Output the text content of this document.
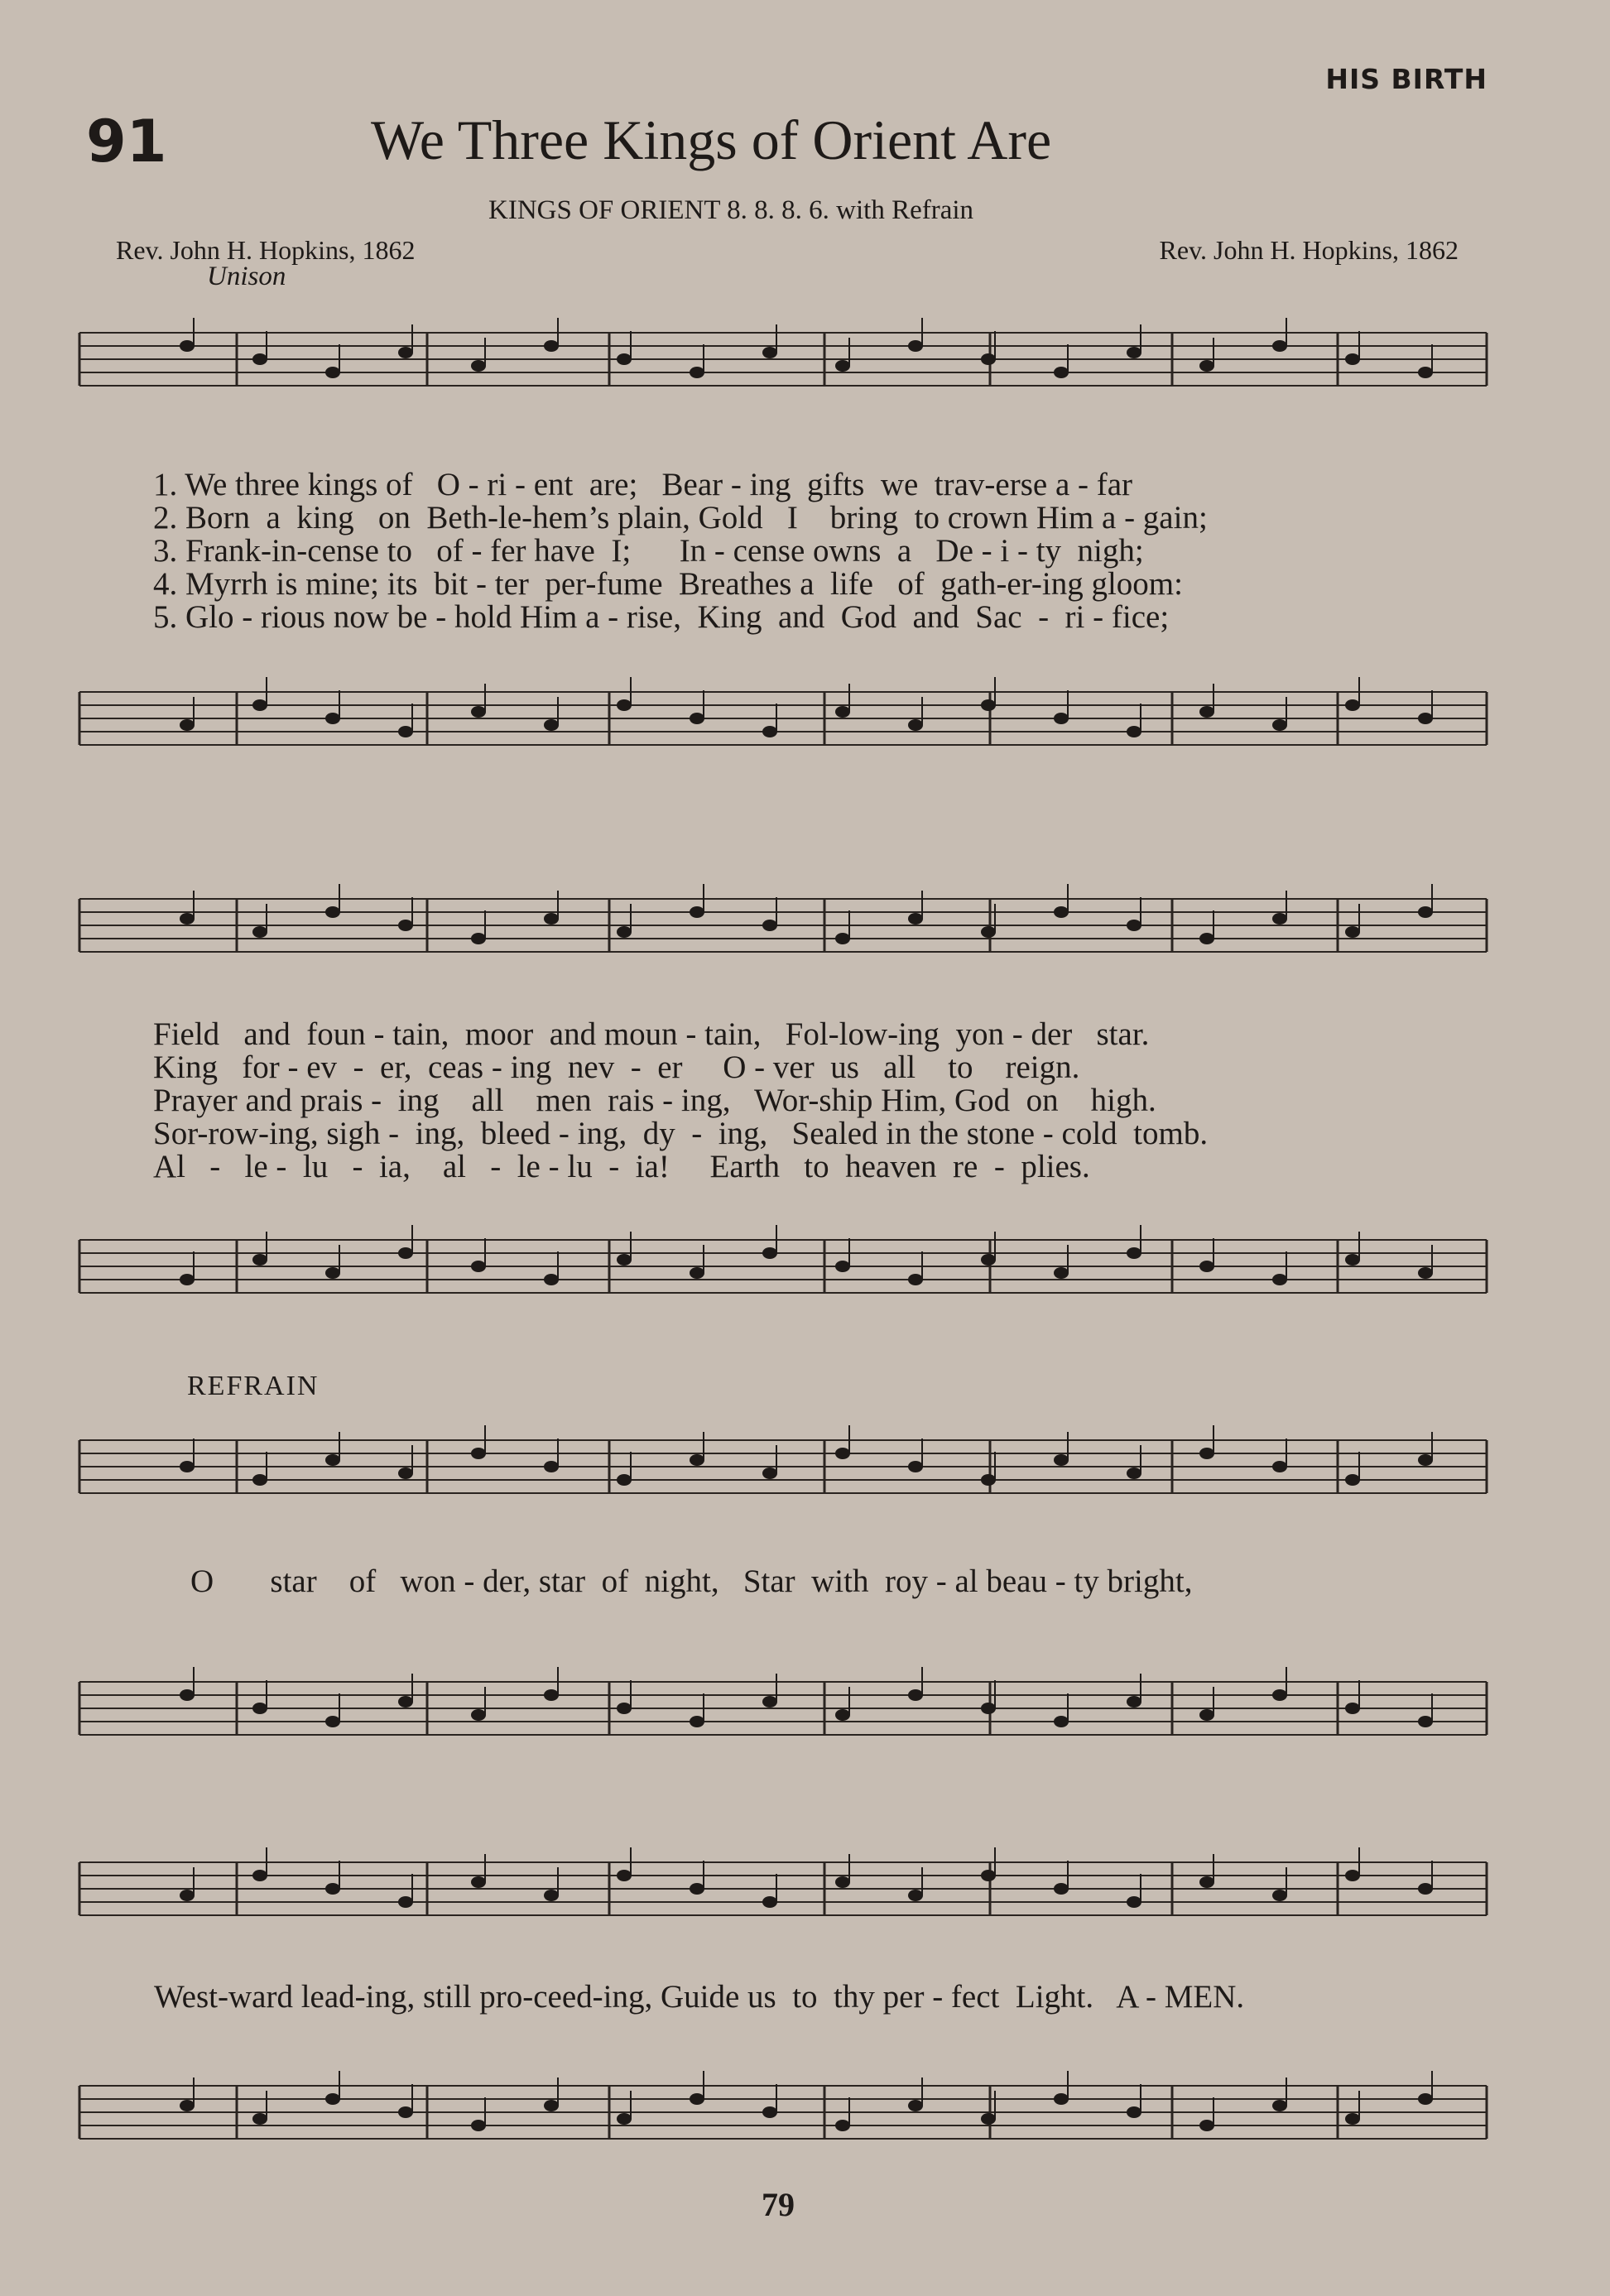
HIS BIRTH
91	We Three Kings of Orient Are
KINGS OF ORIENT 8. 8. 8. 6. with Refrain
Rev. John H. Hopkins, 1862	Rev. John H. Hopkins, 1862
Unison
1. We three kings of   O - ri - ent  are;   Bear - ing  gifts  we  trav-erse a - far
2. Born  a  king   on  Beth-le-hem’s plain, Gold   I    bring  to crown Him a - gain;
3. Frank-in-cense to   of - fer have  I;      In - cense owns  a   De - i - ty  nigh;
4. Myrrh is mine; its  bit - ter  per-fume  Breathes a  life   of  gath-er-ing gloom:
5. Glo - rious now be - hold Him a - rise,  King  and  God  and  Sac  -  ri - fice;
Field   and  foun - tain,  moor  and moun - tain,   Fol-low-ing  yon - der   star.
King   for - ev  -  er,  ceas - ing  nev  -  er     O - ver  us   all    to    reign.
Prayer and prais -  ing    all    men  rais - ing,   Wor-ship Him, God  on    high.
Sor-row-ing, sigh -  ing,  bleed - ing,  dy  -  ing,   Sealed in the stone - cold  tomb.
Al   -   le -  lu   -  ia,    al   -  le - lu  -  ia!     Earth   to  heaven  re  -  plies.
REFRAIN
O       star    of   won - der, star  of  night,   Star  with  roy - al beau - ty bright,
West-ward lead-ing, still pro-ceed-ing, Guide us  to  thy per - fect  Light.   A - MEN.
79
